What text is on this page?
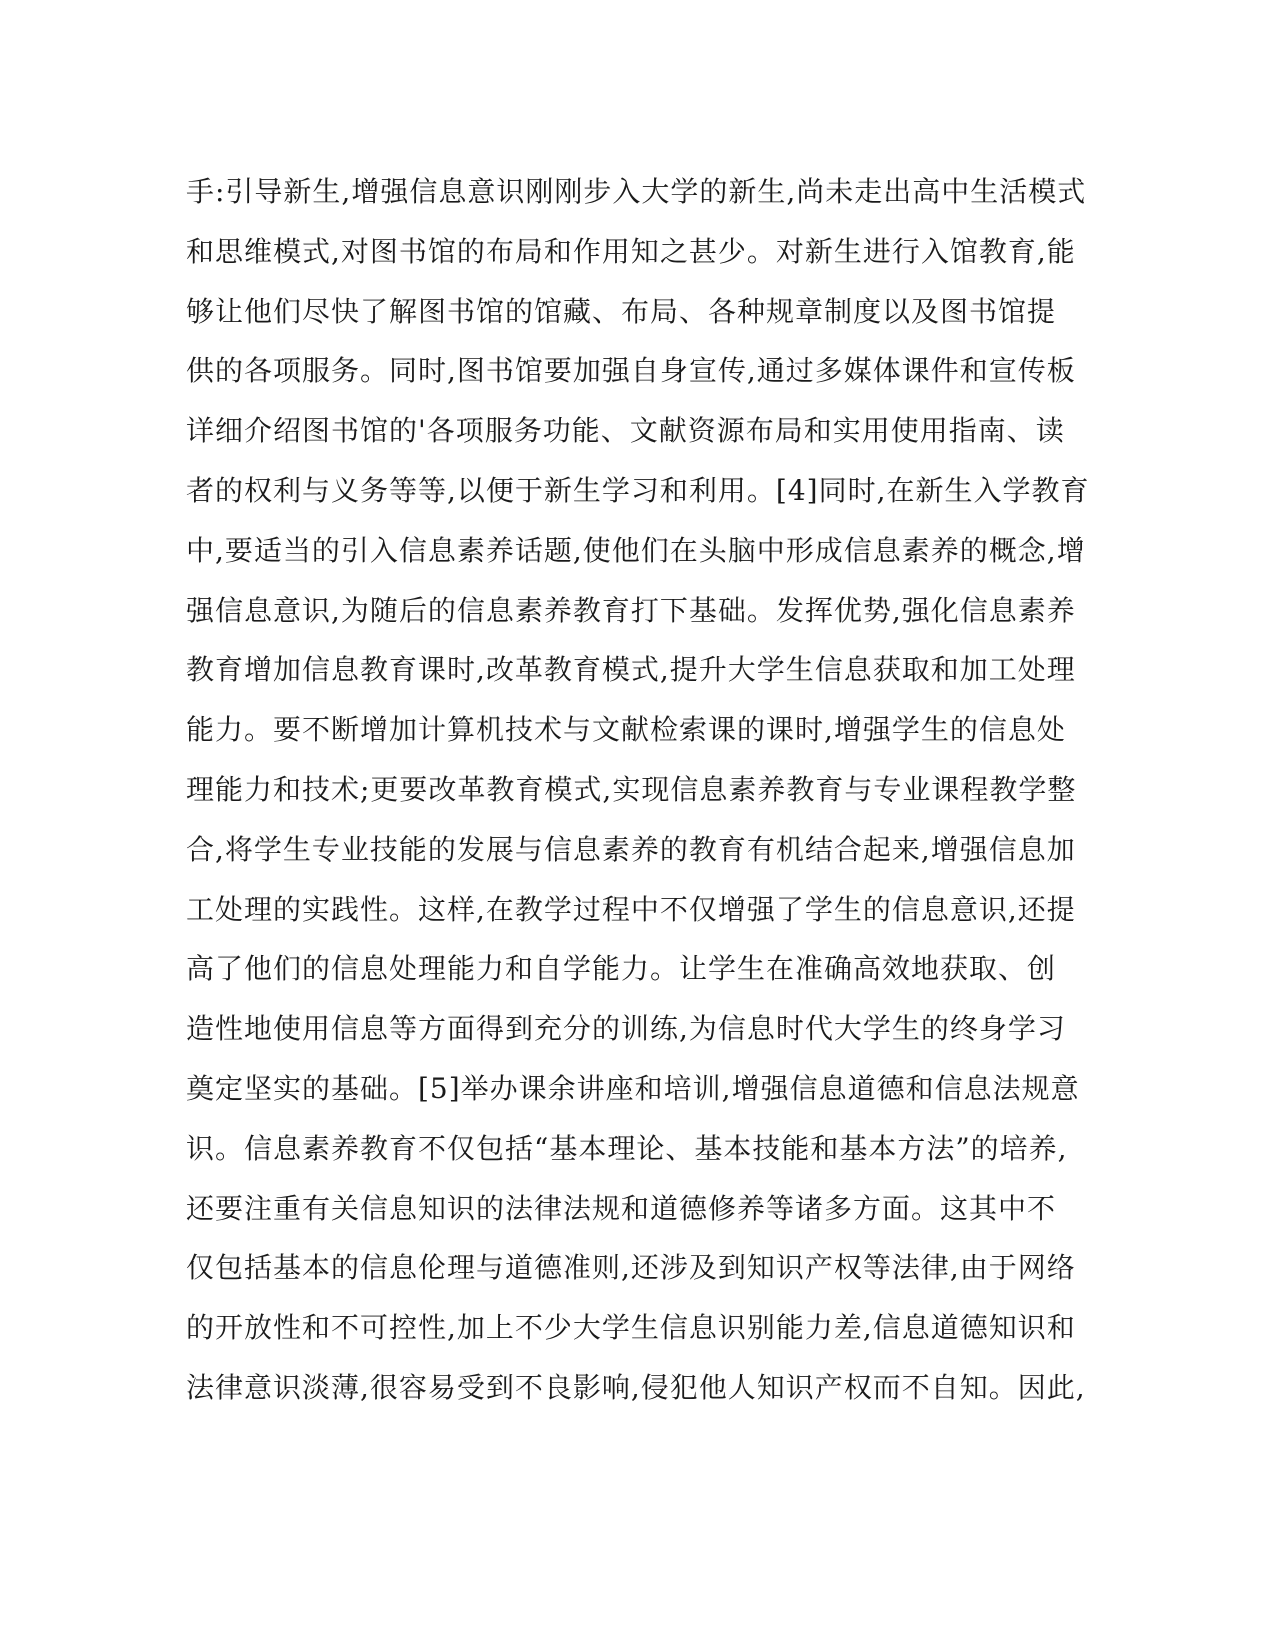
手:引导新生,增强信息意识刚刚步入大学的新生,尚未走出高中生活模式
和思维模式,对图书馆的布局和作用知之甚少。对新生进行入馆教育,能
够让他们尽快了解图书馆的馆藏、布局、各种规章制度以及图书馆提
供的各项服务。同时,图书馆要加强自身宣传,通过多媒体课件和宣传板
详细介绍图书馆的'各项服务功能、文献资源布局和实用使用指南、读
者的权利与义务等等,以便于新生学习和利用。[4]同时,在新生入学教育
中,要适当的引入信息素养话题,使他们在头脑中形成信息素养的概念,增
强信息意识,为随后的信息素养教育打下基础。发挥优势,强化信息素养
教育增加信息教育课时,改革教育模式,提升大学生信息获取和加工处理
能力。要不断增加计算机技术与文献检索课的课时,增强学生的信息处
理能力和技术;更要改革教育模式,实现信息素养教育与专业课程教学整
合,将学生专业技能的发展与信息素养的教育有机结合起来,增强信息加
工处理的实践性。这样,在教学过程中不仅增强了学生的信息意识,还提
高了他们的信息处理能力和自学能力。让学生在准确高效地获取、创
造性地使用信息等方面得到充分的训练,为信息时代大学生的终身学习
奠定坚实的基础。[5]举办课余讲座和培训,增强信息道德和信息法规意
识。信息素养教育不仅包括“基本理论、基本技能和基本方法”的培养,
还要注重有关信息知识的法律法规和道德修养等诸多方面。这其中不
仅包括基本的信息伦理与道德准则,还涉及到知识产权等法律,由于网络
的开放性和不可控性,加上不少大学生信息识别能力差,信息道德知识和
法律意识淡薄,很容易受到不良影响,侵犯他人知识产权而不自知。因此,
